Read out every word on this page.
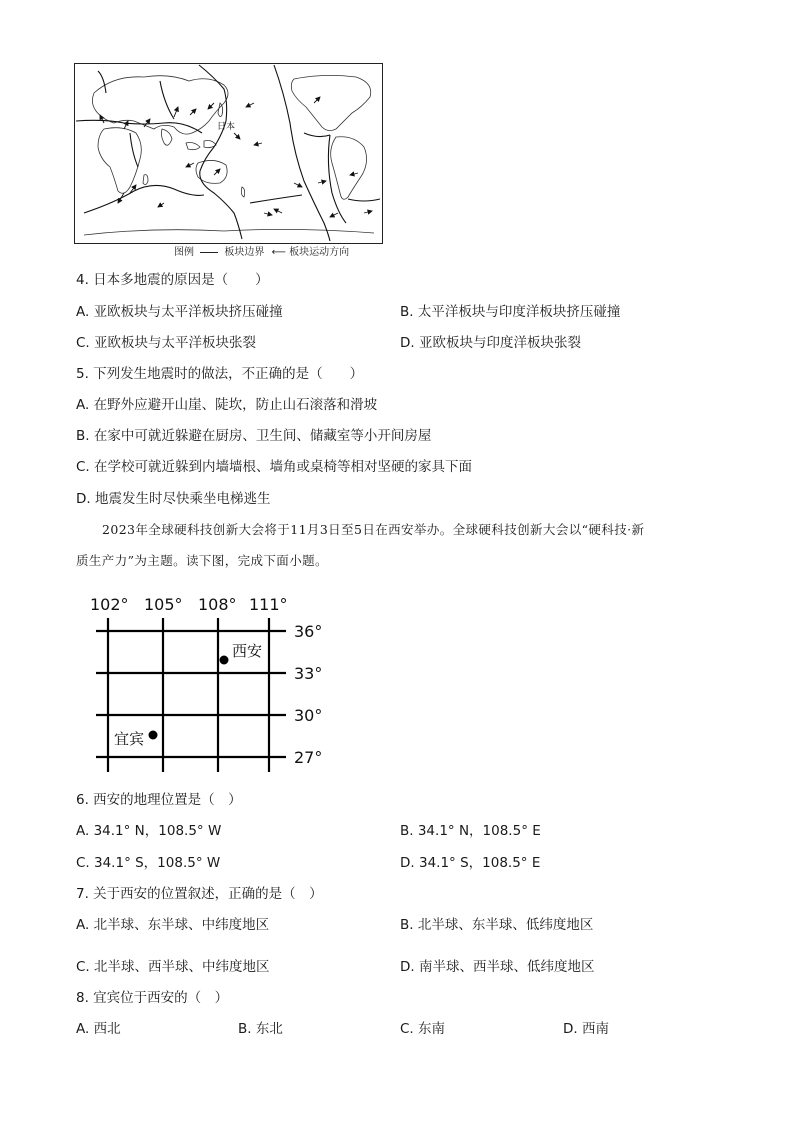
日本
图例	板块边界 ⟵ 板块运动方向
4. 日本多地震的原因是（　　）
A. 亚欧板块与太平洋板块挤压碰撞	B. 太平洋板块与印度洋板块挤压碰撞
C. 亚欧板块与太平洋板块张裂	D. 亚欧板块与印度洋板块张裂
5. 下列发生地震时的做法，不正确的是（　　）
A. 在野外应避开山崖、陡坎，防止山石滚落和滑坡
B. 在家中可就近躲避在厨房、卫生间、储藏室等小开间房屋
C. 在学校可就近躲到内墙墙根、墙角或桌椅等相对坚硬的家具下面
D. 地震发生时尽快乘坐电梯逃生
2023年全球硬科技创新大会将于11月3日至5日在西安举办。全球硬科技创新大会以“硬科技·新
质生产力”为主题。读下图，完成下面小题。
102° 105° 108° 111°
36°
33°
30°
27°
西安
宜宾
6. 西安的地理位置是（　）
A. 34.1° N，108.5° W	B. 34.1° N，108.5° E
C. 34.1° S，108.5° W	D. 34.1° S，108.5° E
7. 关于西安的位置叙述，正确的是（　）
A. 北半球、东半球、中纬度地区	B. 北半球、东半球、低纬度地区
C. 北半球、西半球、中纬度地区	D. 南半球、西半球、低纬度地区
8. 宜宾位于西安的（　）
A. 西北	B. 东北	C. 东南	D. 西南
